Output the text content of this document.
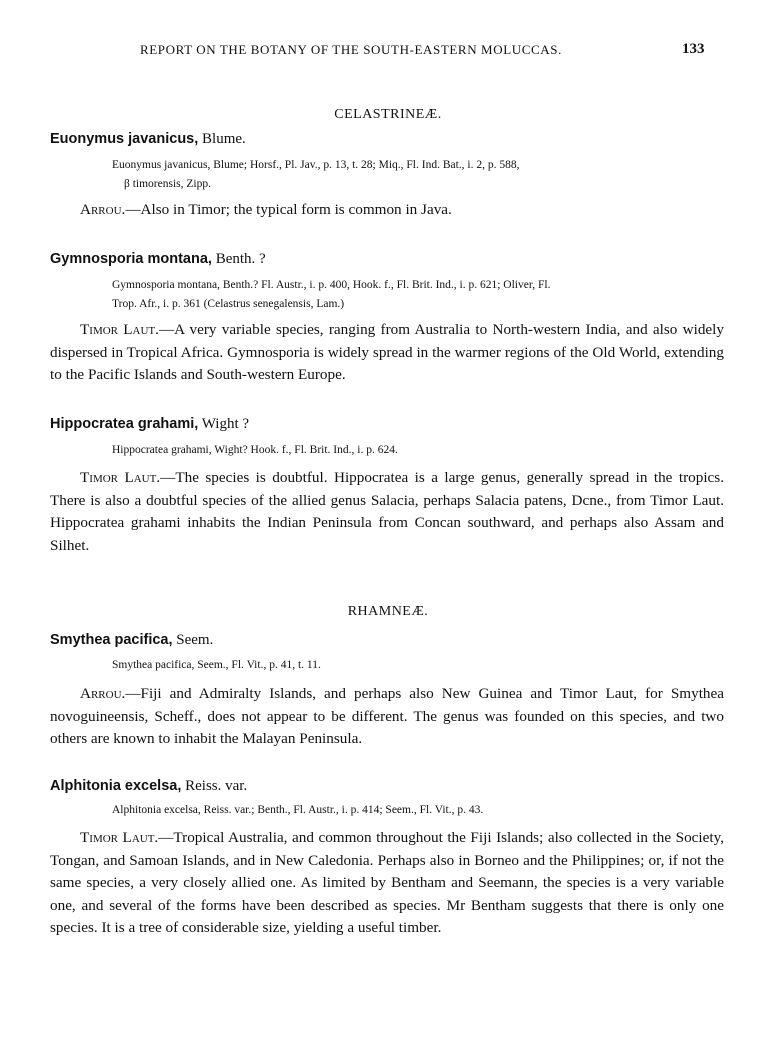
REPORT ON THE BOTANY OF THE SOUTH-EASTERN MOLUCCAS.	133
CELASTRINEÆ.
Euonymus javanicus, Blume.
Euonymus javanicus, Blume; Horsf., Pl. Jav., p. 13, t. 28; Miq., Fl. Ind. Bat., i. 2, p. 588,
β timorensis, Zipp.
Arrou.—Also in Timor; the typical form is common in Java.
Gymnosporia montana, Benth. ?
Gymnosporia montana, Benth.? Fl. Austr., i. p. 400, Hook. f., Fl. Brit. Ind., i. p. 621; Oliver, Fl.
Trop. Afr., i. p. 361 (Celastrus senegalensis, Lam.)
Timor Laut.—A very variable species, ranging from Australia to North-western India, and also widely dispersed in Tropical Africa. Gymnosporia is widely spread in the warmer regions of the Old World, extending to the Pacific Islands and South-western Europe.
Hippocratea grahami, Wight ?
Hippocratea grahami, Wight? Hook. f., Fl. Brit. Ind., i. p. 624.
Timor Laut.—The species is doubtful. Hippocratea is a large genus, generally spread in the tropics. There is also a doubtful species of the allied genus Salacia, perhaps Salacia patens, Dcne., from Timor Laut. Hippocratea grahami inhabits the Indian Peninsula from Concan southward, and perhaps also Assam and Silhet.
RHAMNEÆ.
Smythea pacifica, Seem.
Smythea pacifica, Seem., Fl. Vit., p. 41, t. 11.
Arrou.—Fiji and Admiralty Islands, and perhaps also New Guinea and Timor Laut, for Smythea novoguineensis, Scheff., does not appear to be different. The genus was founded on this species, and two others are known to inhabit the Malayan Peninsula.
Alphitonia excelsa, Reiss. var.
Alphitonia excelsa, Reiss. var.; Benth., Fl. Austr., i. p. 414; Seem., Fl. Vit., p. 43.
Timor Laut.—Tropical Australia, and common throughout the Fiji Islands; also collected in the Society, Tongan, and Samoan Islands, and in New Caledonia. Perhaps also in Borneo and the Philippines; or, if not the same species, a very closely allied one. As limited by Bentham and Seemann, the species is a very variable one, and several of the forms have been described as species. Mr Bentham suggests that there is only one species. It is a tree of considerable size, yielding a useful timber.
